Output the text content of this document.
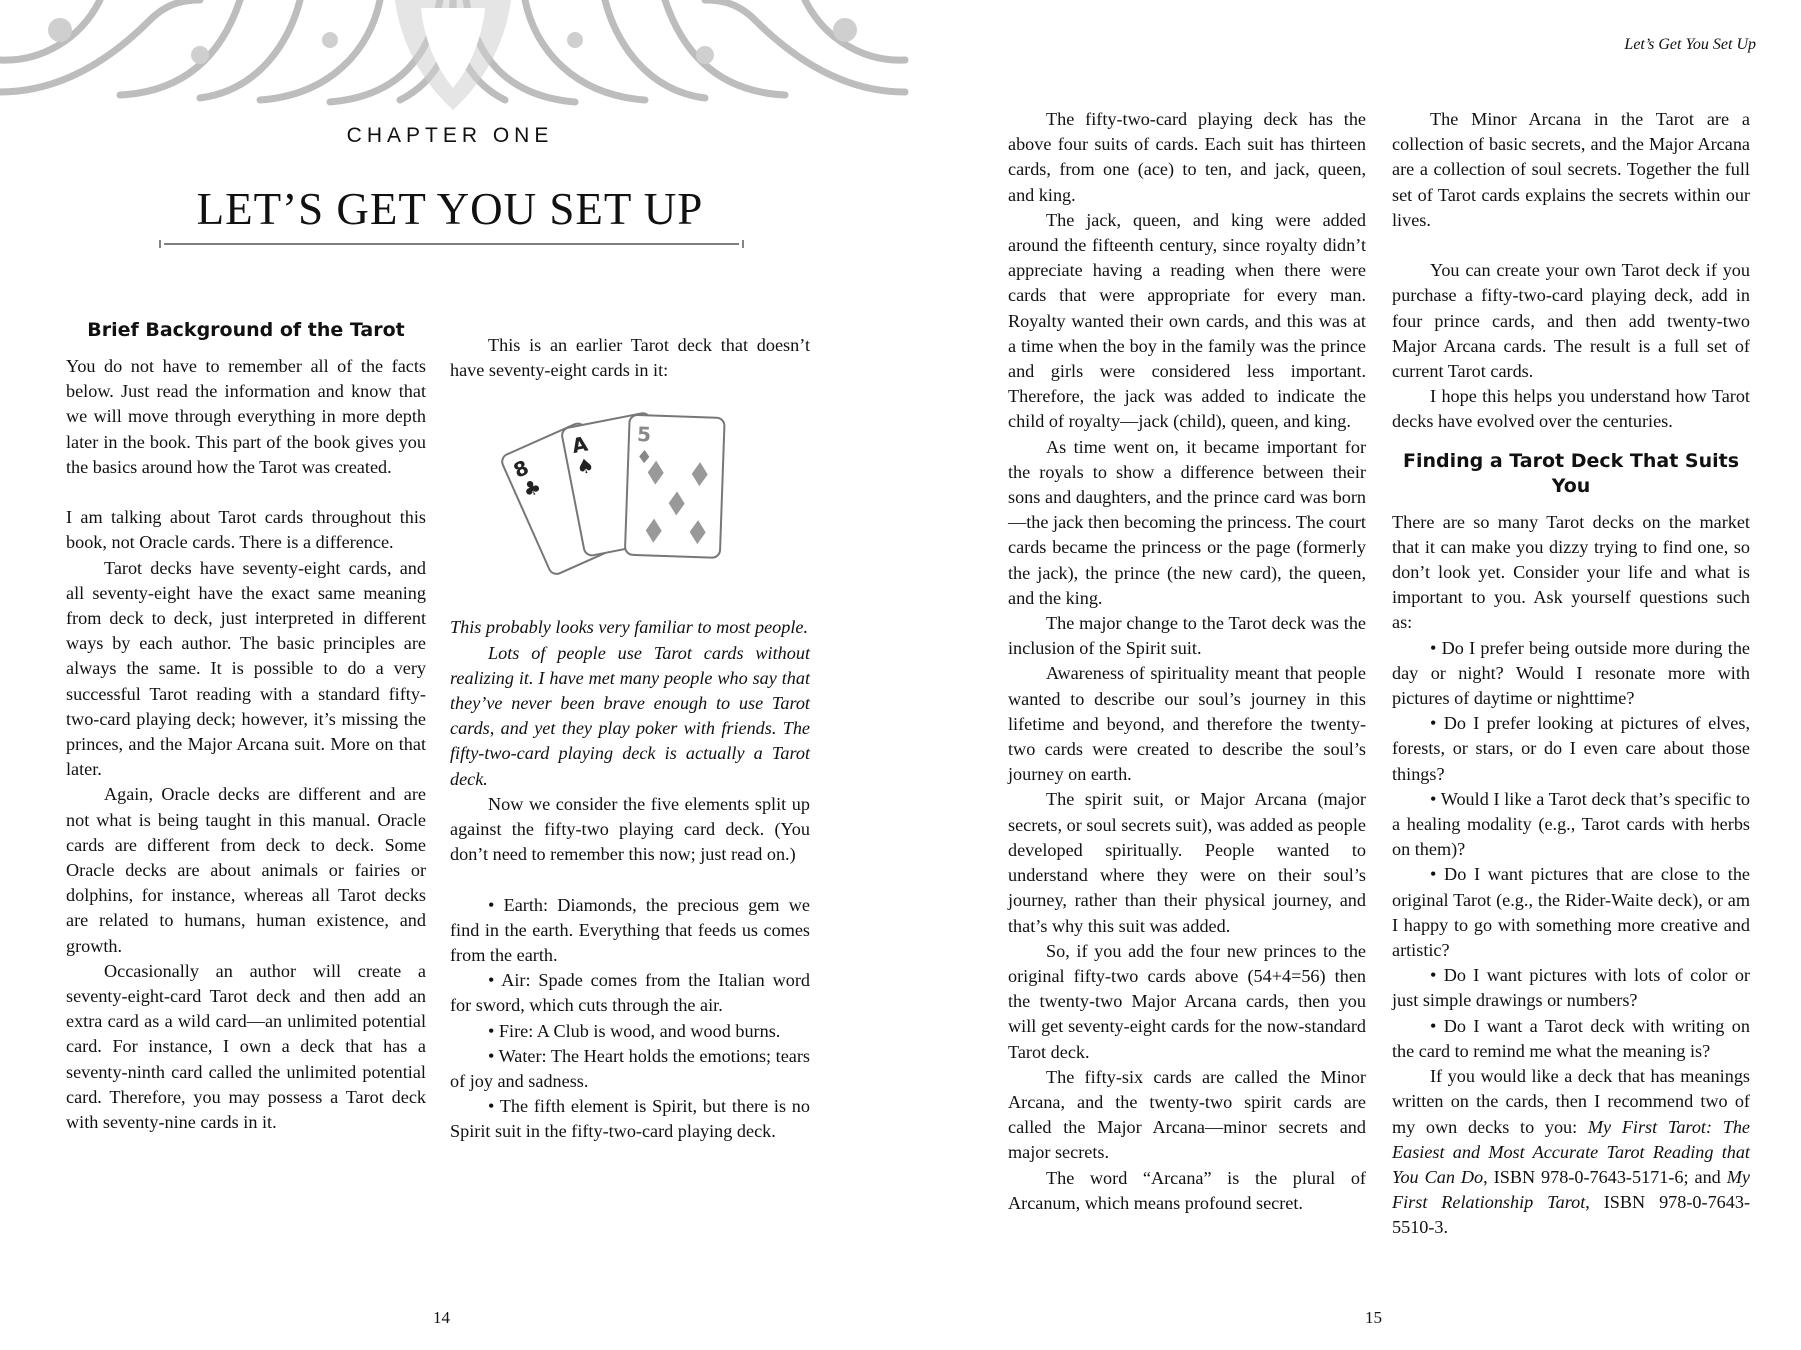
CHAPTER ONE
LET’S GET YOU SET UP
Brief Background of the Tarot

You do not have to remember all of the facts below. Just read the information and know that we will move through everything in more depth later in the book. This part of the book gives you the basics around how the Tarot was created.

I am talking about Tarot cards throughout this book, not Oracle cards. There is a difference.

Tarot decks have seventy-eight cards, and all seventy-eight have the exact same meaning from deck to deck, just interpreted in different ways by each author. The basic principles are always the same. It is possible to do a very successful Tarot reading with a standard fifty-two-card playing deck; however, it’s missing the princes, and the Major Arcana suit. More on that later.

Again, Oracle decks are different and are not what is being taught in this manual. Oracle cards are different from deck to deck. Some Oracle decks are about animals or fairies or dolphins, for instance, whereas all Tarot decks are related to humans, human existence, and growth.

Occasionally an author will create a seventy-eight-card Tarot deck and then add an extra card as a wild card—an unlimited potential card. For instance, I own a deck that has a seventy-ninth card called the unlimited potential card. Therefore, you may possess a Tarot deck with seventy-nine cards in it.

This is an earlier Tarot deck that doesn’t have seventy-eight cards in it:

8
♣
A
♠
5
♦

This probably looks very familiar to most people.

Lots of people use Tarot cards without realizing it. I have met many people who say that they’ve never been brave enough to use Tarot cards, and yet they play poker with friends. The fifty-two-card playing deck is actually a Tarot deck.

Now we consider the five elements split up against the fifty-two playing card deck. (You don’t need to remember this now; just read on.)

• Earth: Diamonds, the precious gem we find in the earth. Everything that feeds us comes from the earth.

• Air: Spade comes from the Italian word for sword, which cuts through the air.

• Fire: A Club is wood, and wood burns.

• Water: The Heart holds the emotions; tears of joy and sadness.

• The fifth element is Spirit, but there is no Spirit suit in the fifty-two-card playing deck.

14
Let’s Get You Set Up

The fifty-two-card playing deck has the above four suits of cards. Each suit has thirteen cards, from one (ace) to ten, and jack, queen, and king.

The jack, queen, and king were added around the fifteenth century, since royalty didn’t appreciate having a reading when there were cards that were appropriate for every man. Royalty wanted their own cards, and this was at a time when the boy in the family was the prince and girls were considered less important. Therefore, the jack was added to indicate the child of royalty—jack (child), queen, and king.

As time went on, it became important for the royals to show a difference between their sons and daughters, and the prince card was born—the jack then becoming the princess. The court cards became the princess or the page (formerly the jack), the prince (the new card), the queen, and the king.

The major change to the Tarot deck was the inclusion of the Spirit suit.

Awareness of spirituality meant that people wanted to describe our soul’s journey in this lifetime and beyond, and therefore the twenty-two cards were created to describe the soul’s journey on earth.

The spirit suit, or Major Arcana (major secrets, or soul secrets suit), was added as people developed spiritually. People wanted to understand where they were on their soul’s journey, rather than their physical journey, and that’s why this suit was added.

So, if you add the four new princes to the original fifty-two cards above (54+4=56) then the twenty-two Major Arcana cards, then you will get seventy-eight cards for the now-standard Tarot deck.

The fifty-six cards are called the Minor Arcana, and the twenty-two spirit cards are called the Major Arcana—minor secrets and major secrets.

The word “Arcana” is the plural of Arcanum, which means profound secret.

The Minor Arcana in the Tarot are a collection of basic secrets, and the Major Arcana are a collection of soul secrets. Together the full set of Tarot cards explains the secrets within our lives.

You can create your own Tarot deck if you purchase a fifty-two-card playing deck, add in four prince cards, and then add twenty-two Major Arcana cards. The result is a full set of current Tarot cards.

I hope this helps you understand how Tarot decks have evolved over the centuries.

Finding a Tarot Deck That Suits You

There are so many Tarot decks on the market that it can make you dizzy trying to find one, so don’t look yet. Consider your life and what is important to you. Ask yourself questions such as:

• Do I prefer being outside more during the day or night? Would I resonate more with pictures of daytime or nighttime?

• Do I prefer looking at pictures of elves, forests, or stars, or do I even care about those things?

• Would I like a Tarot deck that’s specific to a healing modality (e.g., Tarot cards with herbs on them)?

• Do I want pictures that are close to the original Tarot (e.g., the Rider-Waite deck), or am I happy to go with something more creative and artistic?

• Do I want pictures with lots of color or just simple drawings or numbers?

• Do I want a Tarot deck with writing on the card to remind me what the meaning is?

If you would like a deck that has meanings written on the cards, then I recommend two of my own decks to you: My First Tarot: The Easiest and Most Accurate Tarot Reading that You Can Do, ISBN 978-0-7643-5171-6; and My First Relationship Tarot, ISBN 978-0-7643-5510-3.

15
